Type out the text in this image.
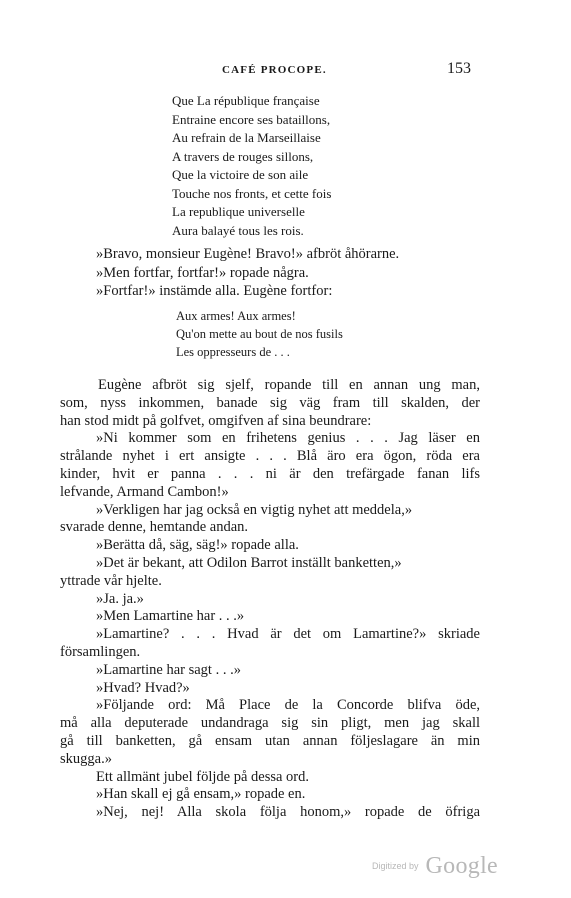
CAFÉ PROCOPE.	153
Que La république française
Entraine encore ses bataillons,
Au refrain de la Marseillaise
A travers de rouges sillons,
Que la victoire de son aile
Touche nos fronts, et cette fois
La republique universelle
Aura balayé tous les rois.
»Bravo, monsieur Eugène! Bravo!» afbröt åhörarne.
»Men fortfar, fortfar!» ropade några.
»Fortfar!» instämde alla. Eugène fortfor:
Aux armes! Aux armes!
Qu'on mette au bout de nos fusils
Les oppresseurs de . . .
Eugène afbröt sig sjelf, ropande till en annan ung man,
som, nyss inkommen, banade sig väg fram till skalden, der
han stod midt på golfvet, omgifven af sina beundrare:
»Ni kommer som en frihetens genius . . . Jag läser en
strålande nyhet i ert ansigte . . . Blå äro era ögon, röda era
kinder, hvit er panna . . . ni är den trefärgade fanan lifs
lefvande, Armand Cambon!»
»Verkligen har jag också en vigtig nyhet att meddela,»
svarade denne, hemtande andan.
»Berätta då, säg, säg!» ropade alla.
»Det är bekant, att Odilon Barrot inställt banketten,»
yttrade vår hjelte.
»Ja. ja.»
»Men Lamartine har . . .»
»Lamartine? . . . Hvad är det om Lamartine?» skriade
församlingen.
»Lamartine har sagt . . .»
»Hvad? Hvad?»
»Följande ord: Må Place de la Concorde blifva öde,
må alla deputerade undandraga sig sin pligt, men jag skall
gå till banketten, gå ensam utan annan följeslagare än min
skugga.»
Ett allmänt jubel följde på dessa ord.
»Han skall ej gå ensam,» ropade en.
»Nej, nej! Alla skola följa honom,» ropade de öfriga
$^{Digitized by}$ Google
